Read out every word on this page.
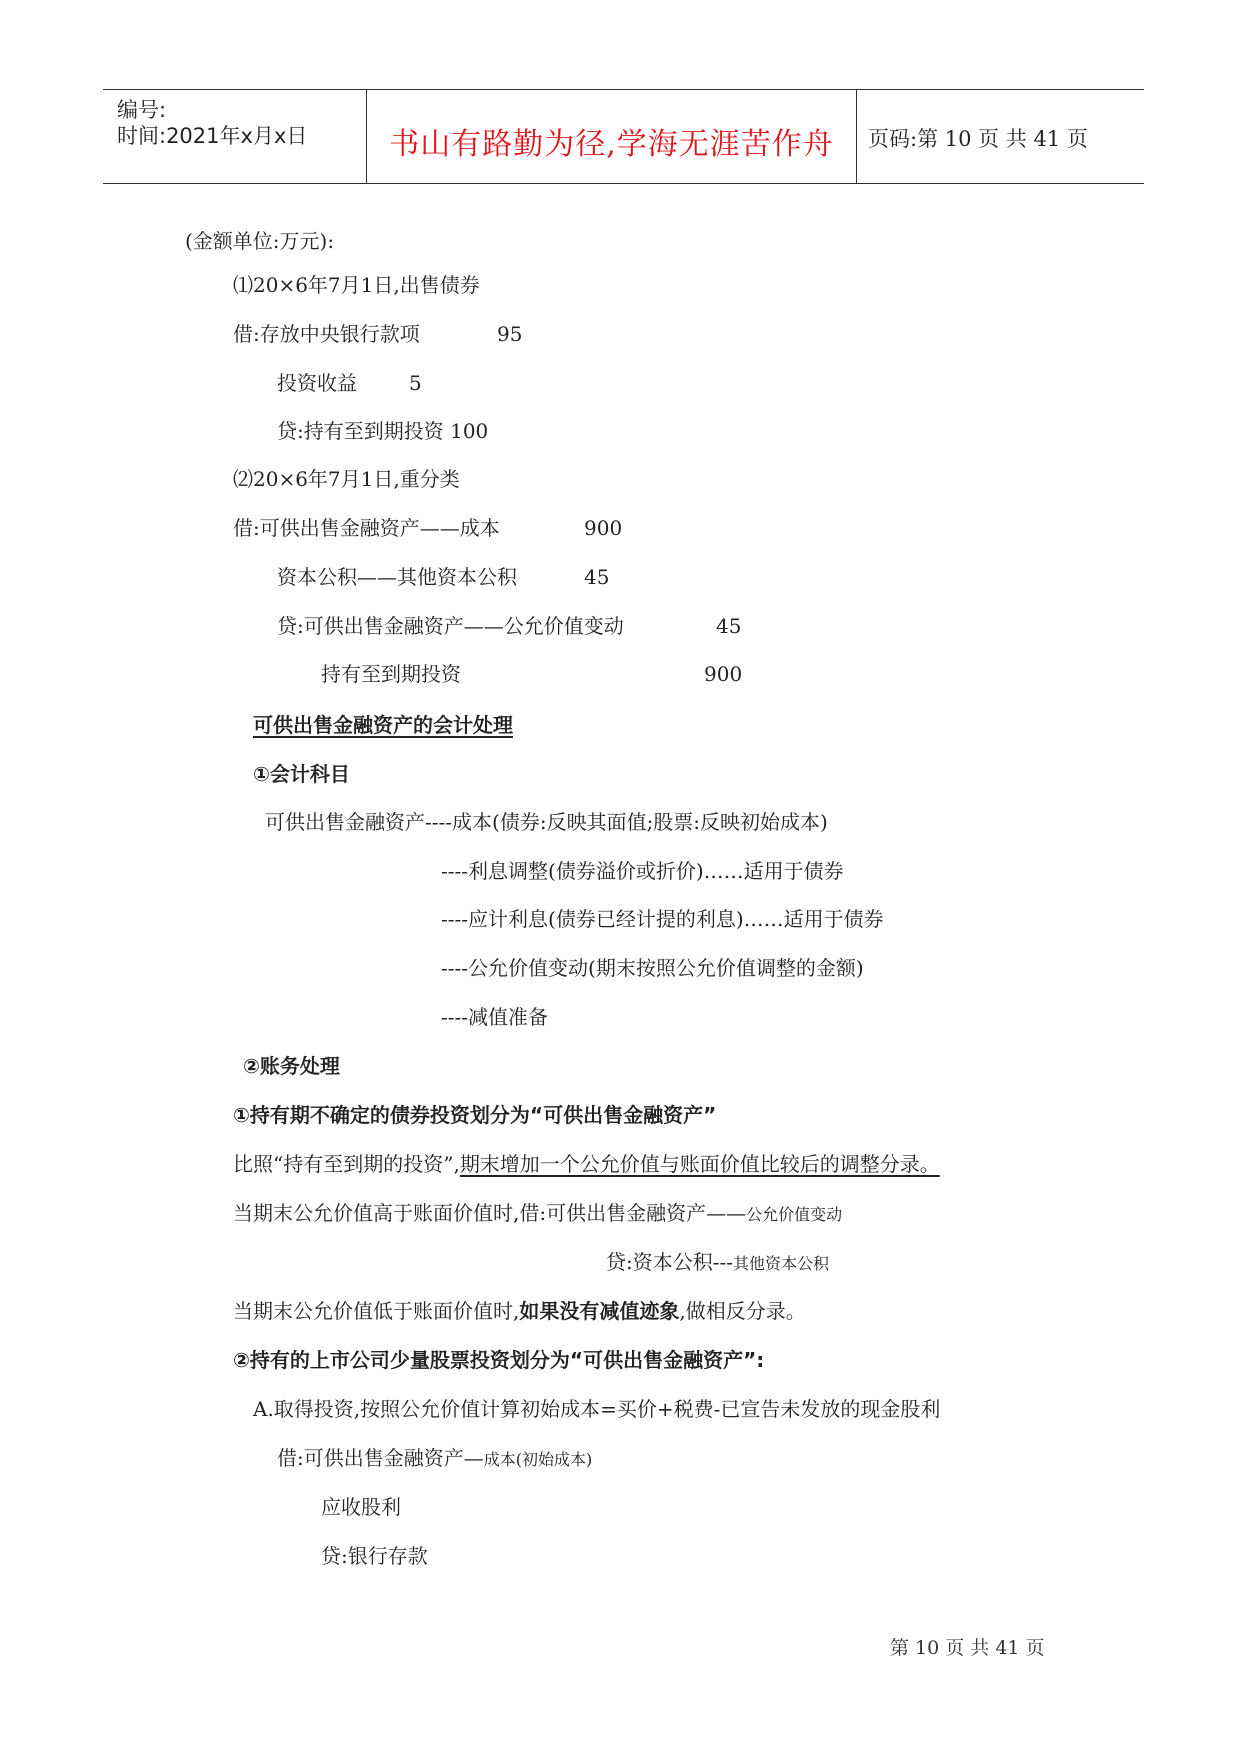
编号:
时间:2021年x月x日	书山有路勤为径,学海无涯苦作舟	页码:第 10 页 共 41 页
(金额单位:万元):
⑴20×6年7月1日,出售债券
借:存放中央银行款项	95
投资收益	5
贷:持有至到期投资 100
⑵20×6年7月1日,重分类
借:可供出售金融资产——成本	900
资本公积——其他资本公积	45
贷:可供出售金融资产——公允价值变动	45
持有至到期投资	900
可供出售金融资产的会计处理
①会计科目
可供出售金融资产----成本(债券:反映其面值;股票:反映初始成本)
----利息调整(债券溢价或折价)……适用于债券
----应计利息(债券已经计提的利息)……适用于债券
----公允价值变动(期末按照公允价值调整的金额)
----减值准备
②账务处理
①持有期不确定的债券投资划分为“可供出售金融资产”
比照“持有至到期的投资”,期末增加一个公允价值与账面价值比较后的调整分录。
当期末公允价值高于账面价值时,借:可供出售金融资产——公允价值变动
贷:资本公积---其他资本公积
当期末公允价值低于账面价值时,如果没有减值迹象,做相反分录。
②持有的上市公司少量股票投资划分为“可供出售金融资产”:
A.取得投资,按照公允价值计算初始成本=买价+税费-已宣告未发放的现金股利
借:可供出售金融资产—成本(初始成本)
应收股利
贷:银行存款
第 10 页 共 41 页
